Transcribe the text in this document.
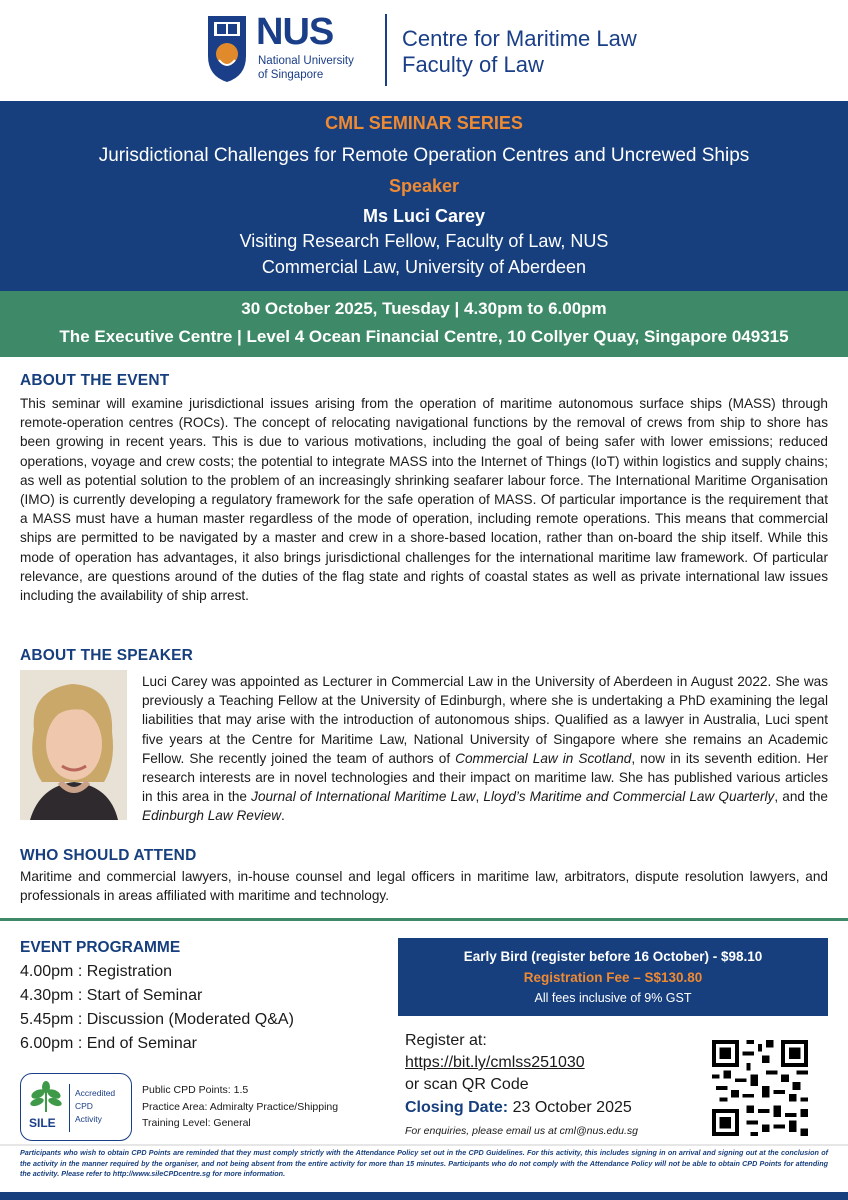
NUS
National University
of Singapore
Centre for Maritime Law
Faculty of Law
CML SEMINAR SERIES
Jurisdictional Challenges for Remote Operation Centres and Uncrewed Ships
Speaker
Ms Luci Carey
Visiting Research Fellow, Faculty of Law, NUS
Commercial Law, University of Aberdeen
30 October 2025, Tuesday | 4.30pm to 6.00pm
The Executive Centre | Level 4 Ocean Financial Centre, 10 Collyer Quay, Singapore 049315
ABOUT THE EVENT
This seminar will examine jurisdictional issues arising from the operation of maritime autonomous surface ships (MASS) through remote-operation centres (ROCs). The concept of relocating navigational functions by the removal of crews from ship to shore has been growing in recent years. This is due to various motivations, including the goal of being safer with lower emissions; reduced operations, voyage and crew costs; the potential to integrate MASS into the Internet of Things (IoT) within logistics and supply chains; as well as potential solution to the problem of an increasingly shrinking seafarer labour force. The International Maritime Organisation (IMO) is currently developing a regulatory framework for the safe operation of MASS. Of particular importance is the requirement that a MASS must have a human master regardless of the mode of operation, including remote operations. This means that commercial ships are permitted to be navigated by a master and crew in a shore-based location, rather than on-board the ship itself. While this mode of operation has advantages, it also brings jurisdictional challenges for the international maritime law framework. Of particular relevance, are questions around of the duties of the flag state and rights of coastal states as well as private international law issues including the availability of ship arrest.
ABOUT THE SPEAKER
Luci Carey was appointed as Lecturer in Commercial Law in the University of Aberdeen in August 2022. She was previously a Teaching Fellow at the University of Edinburgh, where she is undertaking a PhD examining the legal liabilities that may arise with the introduction of autonomous ships. Qualified as a lawyer in Australia, Luci spent five years at the Centre for Maritime Law, National University of Singapore where she remains an Academic Fellow. She recently joined the team of authors of Commercial Law in Scotland, now in its seventh edition. Her research interests are in novel technologies and their impact on maritime law. She has published various articles in this area in the Journal of International Maritime Law, Lloyd’s Maritime and Commercial Law Quarterly, and the Edinburgh Law Review.
WHO SHOULD ATTEND
Maritime and commercial lawyers, in-house counsel and legal officers in maritime law, arbitrators, dispute resolution lawyers, and professionals in areas affiliated with maritime and technology.
EVENT PROGRAMME
4.00pm : Registration
4.30pm : Start of Seminar
5.45pm : Discussion (Moderated Q&A)
6.00pm : End of Seminar
Early Bird (register before 16 October) - $98.10
Registration Fee – S$130.80
All fees inclusive of 9% GST
Register at:
https://bit.ly/cmlss251030
or scan QR Code
Closing Date: 23 October 2025
For enquiries, please email us at cml@nus.edu.sg
SILE
Accredited
CPD
Activity
Public CPD Points: 1.5
Practice Area: Admiralty Practice/Shipping
Training Level: General
Participants who wish to obtain CPD Points are reminded that they must comply strictly with the Attendance Policy set out in the CPD Guidelines. For this activity, this includes signing in on arrival and signing out at the conclusion of the activity in the manner required by the organiser, and not being absent from the entire activity for more than 15 minutes. Participants who do not comply with the Attendance Policy will not be able to obtain CPD Points for attending the activity. Please refer to http://www.sileCPDcentre.sg for more information.
